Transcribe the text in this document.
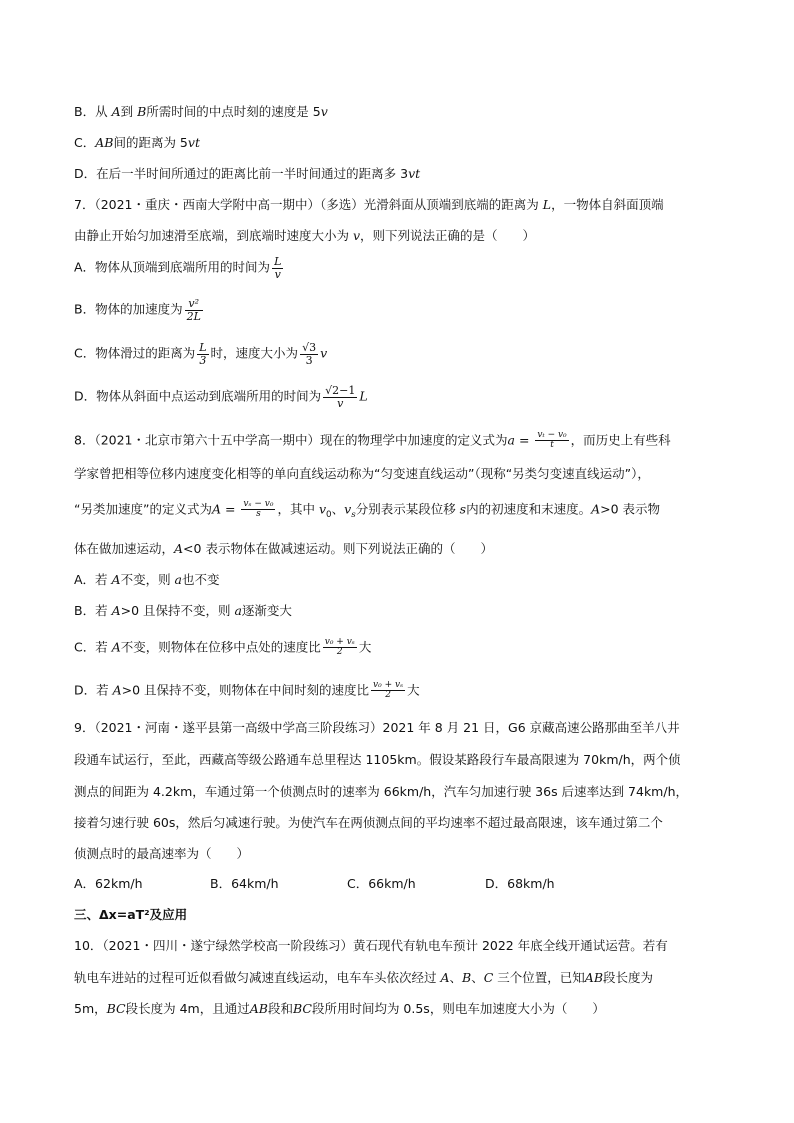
B．从 A到 B所需时间的中点时刻的速度是 5v
C．AB间的距离为 5vt
D．在后一半时间所通过的距离比前一半时间通过的距离多 3vt
7．（2021・重庆・西南大学附中高一期中）（多选）光滑斜面从顶端到底端的距离为 L，一物体自斜面顶端
由静止开始匀加速滑至底端，到底端时速度大小为 v，则下列说法正确的是（　　）
A．物体从顶端到底端所用的时间为 $\frac{L}{v}$
B．物体的加速度为 $\frac{\text{v²}}{2L}$
C．物体滑过的距离为 $\frac{L}{3}$ 时，速度大小为 $\frac{√3}{3}$ v
D．物体从斜面中点运动到底端所用的时间为 $\frac{√2-1}{v}$ L
8．（2021・北京市第六十五中学高一期中）现在的物理学中加速度的定义式为$a = \frac{\text{vₜ − v₀}}{t}$ ，而历史上有些科
学家曾把相等位移内速度变化相等的单向直线运动称为“匀变速直线运动”（现称“另类匀变速直线运动”），
“另类加速度”的定义式为$A = \frac{\text{vₛ − v₀}}{s}$ ，其中 $v_0$、$v_s$分别表示某段位移 s内的初速度和末速度。A>0 表示物
体在做加速运动，A<0 表示物体在做减速运动。则下列说法正确的（　　）
A．若 A不变，则 a也不变
B．若 A>0 且保持不变，则 a逐渐变大
C．若 A不变，则物体在位移中点处的速度比 $\frac{\text{v₀ + vₛ}}{2}$ 大
D．若 A>0 且保持不变，则物体在中间时刻的速度比 $\frac{\text{v₀ + vₛ}}{2}$ 大
9．（2021・河南・遂平县第一高级中学高三阶段练习）2021 年 8 月 21 日，G6 京藏高速公路那曲至羊八井
段通车试运行，至此，西藏高等级公路通车总里程达 1105km。假设某路段行车最高限速为 70km/h，两个侦
测点的间距为 4.2km，车通过第一个侦测点时的速率为 66km/h，汽车匀加速行驶 36s 后速率达到 74km/h，
接着匀速行驶 60s，然后匀减速行驶。为使汽车在两侦测点间的平均速率不超过最高限速，该车通过第二个
侦测点时的最高速率为（　　）
A．62km/h	B．64km/h	C．66km/h	D．68km/h
三、Δx=aT²及应用
10．（2021・四川・遂宁绿然学校高一阶段练习）黄石现代有轨电车预计 2022 年底全线开通试运营。若有
轨电车进站的过程可近似看做匀减速直线运动，电车车头依次经过 A、B、C 三个位置，已知AB段长度为
5m，BC段长度为 4m，且通过AB段和BC段所用时间均为 0.5s，则电车加速度大小为（　　）
